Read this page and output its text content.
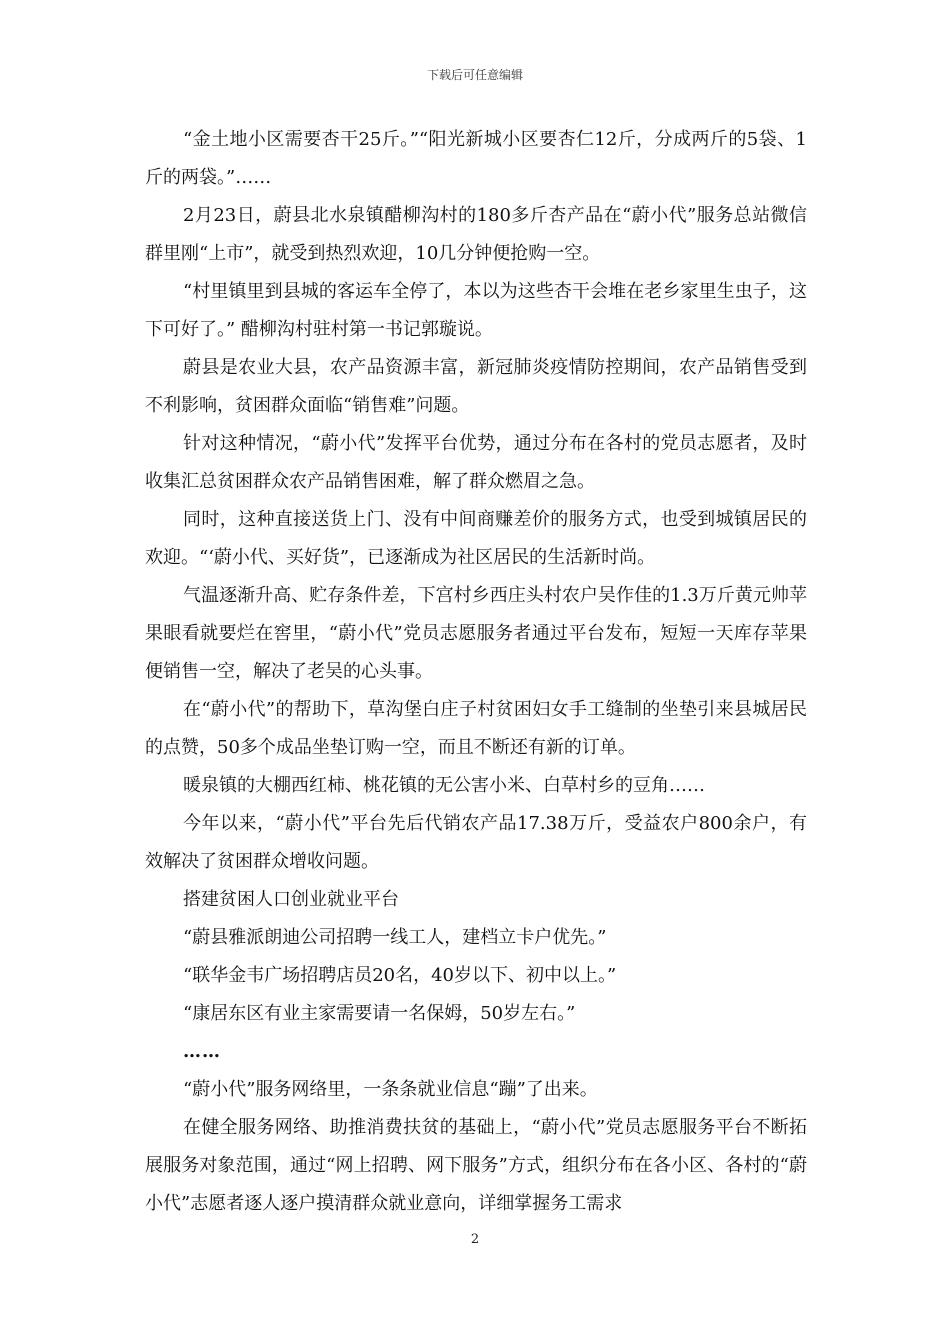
下载后可任意编辑

“金土地小区需要杏干25斤。”“阳光新城小区要杏仁12斤，分成两斤的5袋、1斤的两袋。”……

2月23日，蔚县北水泉镇醋柳沟村的180多斤杏产品在“蔚小代”服务总站微信群里刚“上市”，就受到热烈欢迎，10几分钟便抢购一空。

“村里镇里到县城的客运车全停了，本以为这些杏干会堆在老乡家里生虫子，这下可好了。” 醋柳沟村驻村第一书记郭璇说。

蔚县是农业大县，农产品资源丰富，新冠肺炎疫情防控期间，农产品销售受到不利影响，贫困群众面临“销售难”问题。

针对这种情况，“蔚小代”发挥平台优势，通过分布在各村的党员志愿者，及时收集汇总贫困群众农产品销售困难，解了群众燃眉之急。

同时，这种直接送货上门、没有中间商赚差价的服务方式，也受到城镇居民的欢迎。“‘蔚小代、买好货”，已逐渐成为社区居民的生活新时尚。

气温逐渐升高、贮存条件差，下宫村乡西庄头村农户吴作佳的1.3万斤黄元帅苹果眼看就要烂在窖里，“蔚小代”党员志愿服务者通过平台发布，短短一天库存苹果便销售一空，解决了老吴的心头事。

在“蔚小代”的帮助下，草沟堡白庄子村贫困妇女手工缝制的坐垫引来县城居民的点赞，50多个成品坐垫订购一空，而且不断还有新的订单。

暖泉镇的大棚西红柿、桃花镇的无公害小米、白草村乡的豆角……

今年以来，“蔚小代”平台先后代销农产品17.38万斤，受益农户800余户，有效解决了贫困群众增收问题。

搭建贫困人口创业就业平台

“蔚县雅派朗迪公司招聘一线工人，建档立卡户优先。”

“联华金韦广场招聘店员20名，40岁以下、初中以上。”

“康居东区有业主家需要请一名保姆，50岁左右。”

……

“蔚小代”服务网络里，一条条就业信息“蹦”了出来。

在健全服务网络、助推消费扶贫的基础上，“蔚小代”党员志愿服务平台不断拓展服务对象范围，通过“网上招聘、网下服务”方式，组织分布在各小区、各村的“蔚小代”志愿者逐人逐户摸清群众就业意向，详细掌握务工需求

2
